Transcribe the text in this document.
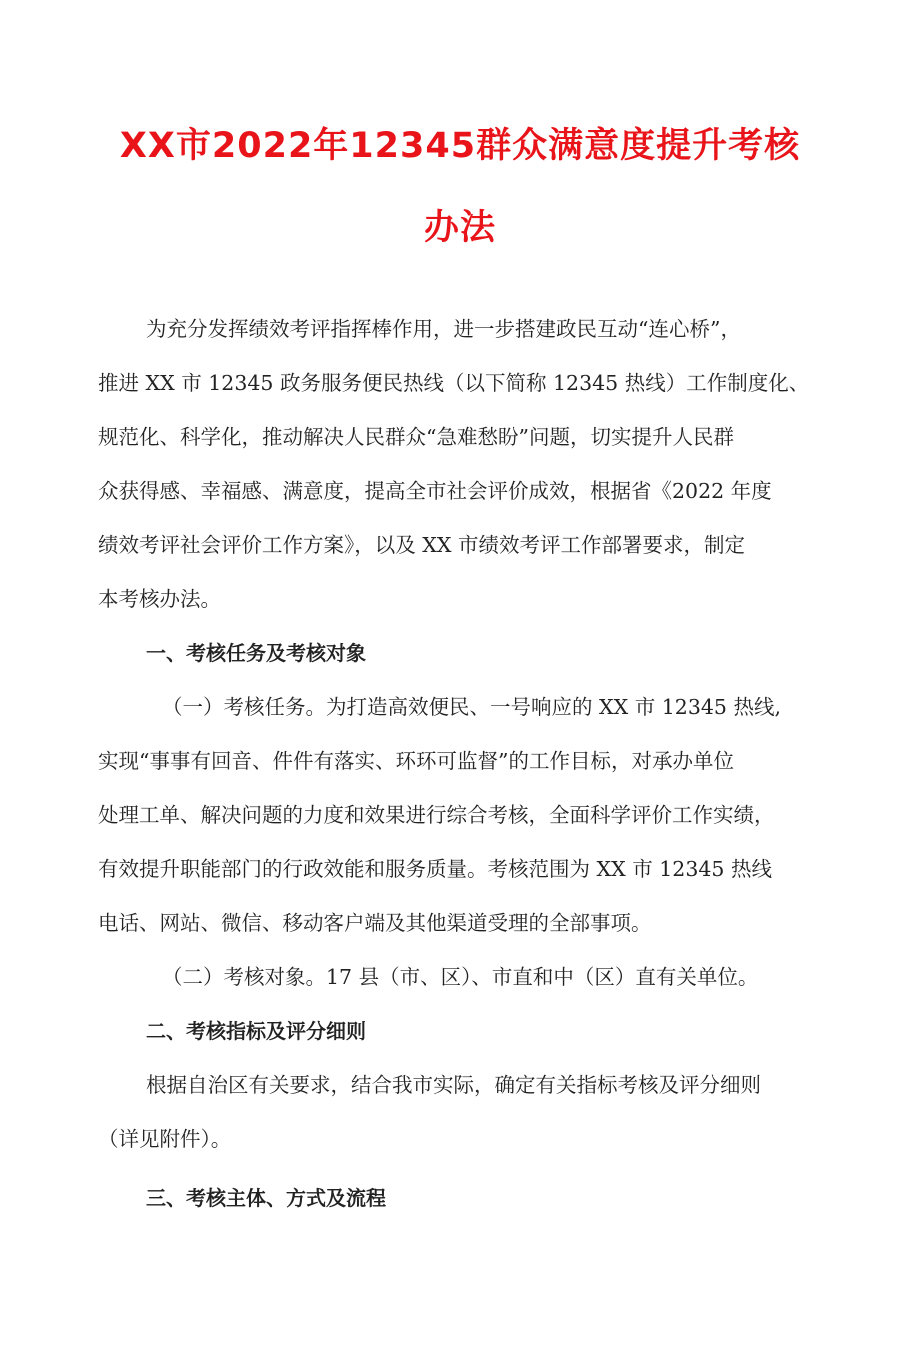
XX市2022年12345群众满意度提升考核
办法
为充分发挥绩效考评指挥棒作用，进一步搭建政民互动“连心桥”，
推进 XX 市 12345 政务服务便民热线（以下简称 12345 热线）工作制度化、
规范化、科学化，推动解决人民群众“急难愁盼”问题，切实提升人民群
众获得感、幸福感、满意度，提高全市社会评价成效，根据省《2022 年度
绩效考评社会评价工作方案》，以及 XX 市绩效考评工作部署要求，制定
本考核办法。
一、考核任务及考核对象
（一）考核任务。为打造高效便民、一号响应的 XX 市 12345 热线,
实现“事事有回音、件件有落实、环环可监督”的工作目标，对承办单位
处理工单、解决问题的力度和效果进行综合考核，全面科学评价工作实绩，
有效提升职能部门的行政效能和服务质量。考核范围为 XX 市 12345 热线
电话、网站、微信、移动客户端及其他渠道受理的全部事项。
（二）考核对象。17 县（市、区）、市直和中（区）直有关单位。
二、考核指标及评分细则
根据自治区有关要求，结合我市实际，确定有关指标考核及评分细则
（详见附件）。
三、考核主体、方式及流程
